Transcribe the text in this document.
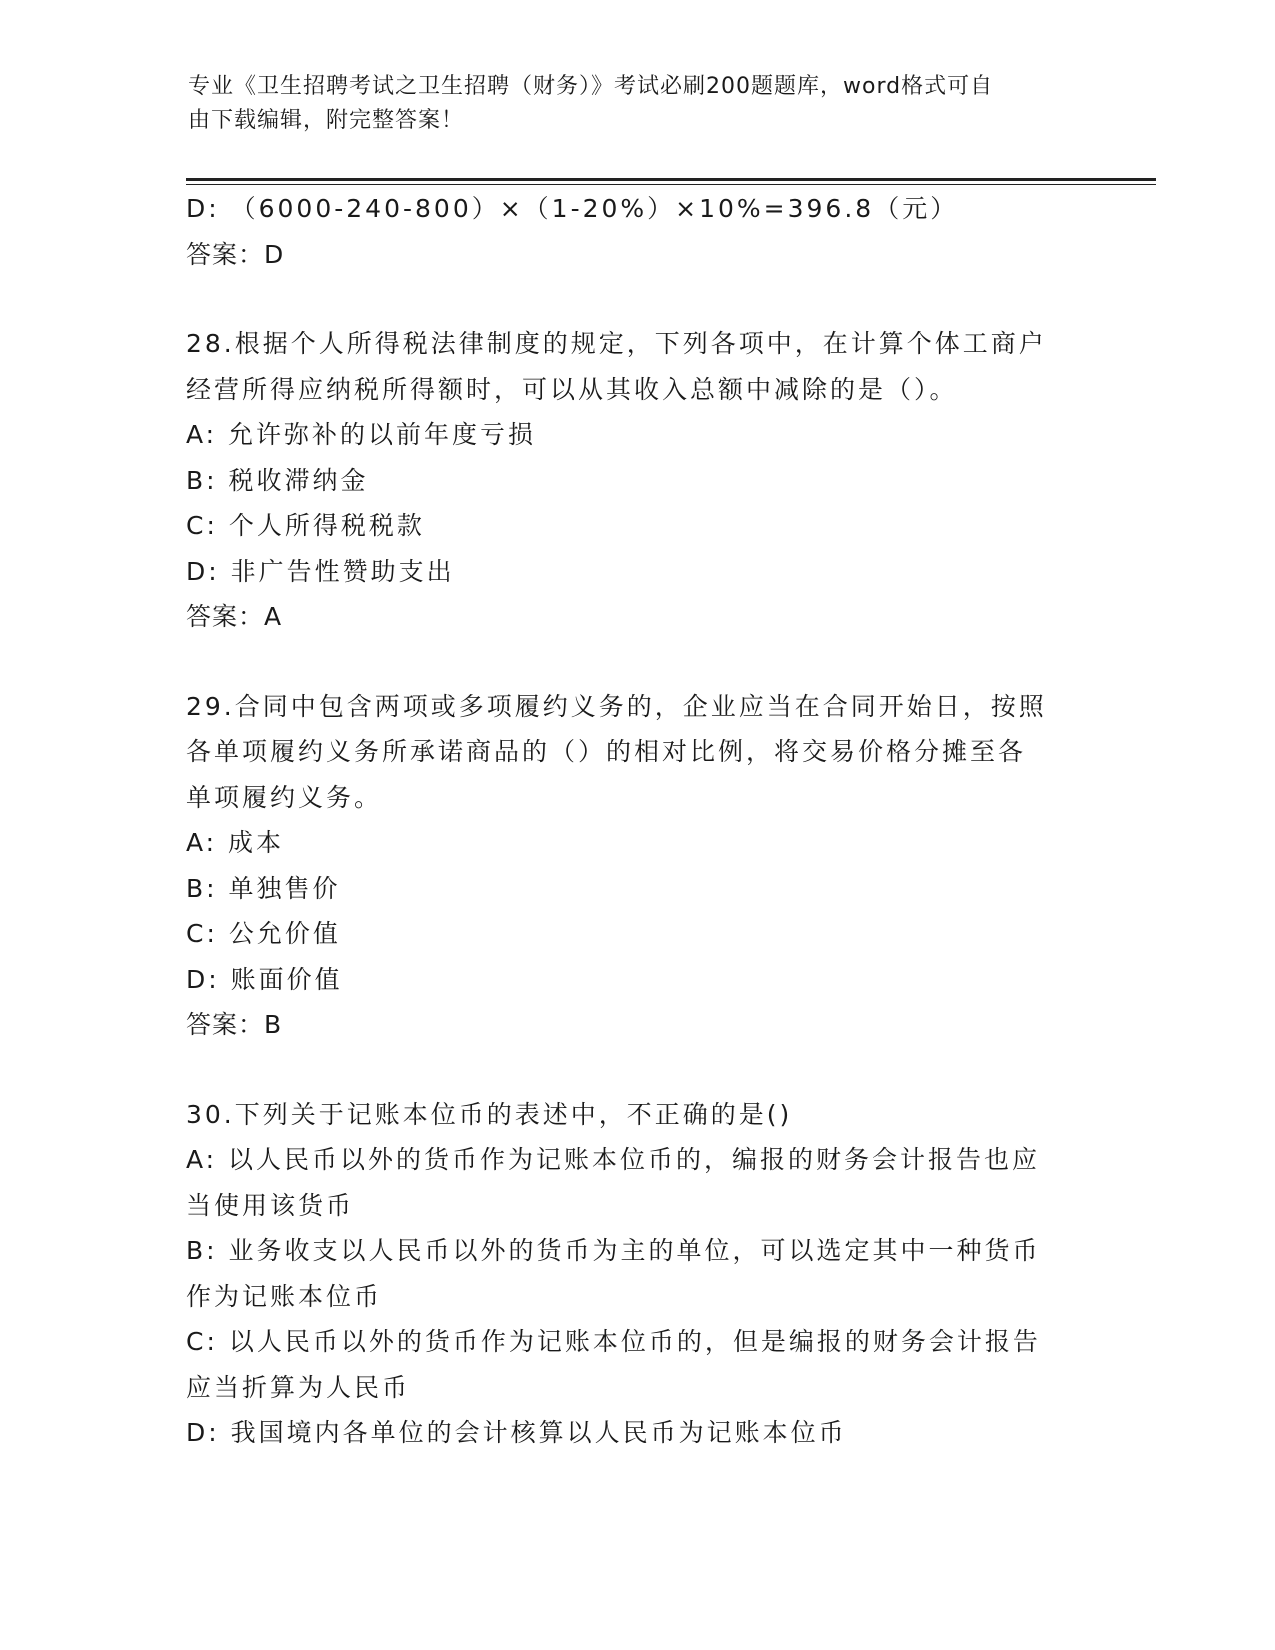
专业《卫生招聘考试之卫生招聘（财务）》考试必刷200题题库，word格式可自
由下载编辑，附完整答案！
D: （6000-240-800）×（1-20%）×10%=396.8（元）
答案：D
28.根据个人所得税法律制度的规定，下列各项中，在计算个体工商户
经营所得应纳税所得额时，可以从其收入总额中减除的是（）。
A: 允许弥补的以前年度亏损
B: 税收滞纳金
C: 个人所得税税款
D: 非广告性赞助支出
答案：A
29.合同中包含两项或多项履约义务的，企业应当在合同开始日，按照
各单项履约义务所承诺商品的（）的相对比例，将交易价格分摊至各
单项履约义务。
A: 成本
B: 单独售价
C: 公允价值
D: 账面价值
答案：B
30.下列关于记账本位币的表述中，不正确的是()
A: 以人民币以外的货币作为记账本位币的，编报的财务会计报告也应
当使用该货币
B: 业务收支以人民币以外的货币为主的单位，可以选定其中一种货币
作为记账本位币
C: 以人民币以外的货币作为记账本位币的，但是编报的财务会计报告
应当折算为人民币
D: 我国境内各单位的会计核算以人民币为记账本位币
